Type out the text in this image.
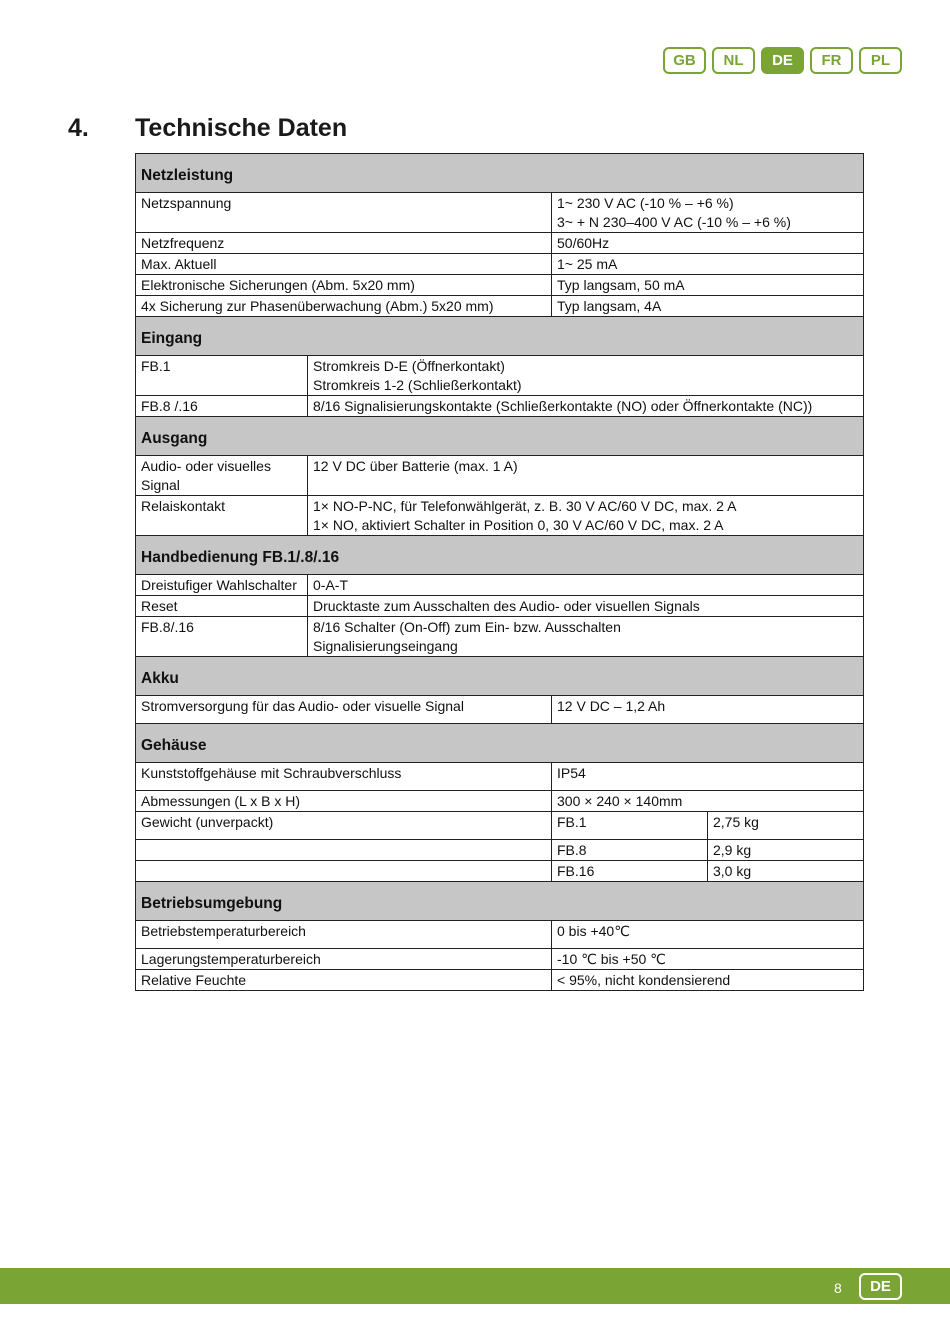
GB	NL	DE	FR	PL
4. Technische Daten
Netzleistung			
Netzspannung		1~ 230 V AC (-10 % – +6 %)
3~ + N 230–400 V AC (-10 % – +6 %)	

Netzfrequenz		50/60Hz	
Max. Aktuell		1~ 25 mA	
Elektronische Sicherungen (Abm. 5x20 mm)		Typ langsam, 50 mA	
4x Sicherung zur Phasenüberwachung (Abm.) 5x20 mm)		Typ langsam, 4A	
Eingang			
FB.1	Stromkreis D-E (Öffnerkontakt)
Stromkreis 1-2 (Schließerkontakt)		

FB.8 /.16	8/16 Signalisierungskontakte (Schließerkontakte (NO) oder Öffnerkontakte (NC))		
Ausgang			

Audio- oder visuelles
Signal	12 V DC über Batterie (max. 1 A)		
Relaiskontakt	1× NO-P-NC, für Telefonwählgerät, z. B. 30 V AC/60 V DC, max. 2 A
1× NO, aktiviert Schalter in Position 0, 30 V AC/60 V DC, max. 2 A		

Handbedienung FB.1/.8/.16			
Dreistufiger Wahlschalter	0-A-T		
Reset	Drucktaste zum Ausschalten des Audio- oder visuellen Signals		
FB.8/.16	8/16 Schalter (On-Off) zum Ein- bzw. Ausschalten
Signalisierungseingang		

Akku			
Stromversorgung für das Audio- oder visuelle Signal		12 V DC – 1,2 Ah	
Gehäuse			
Kunststoffgehäuse mit Schraubverschluss		IP54	
Abmessungen (L x B x H)		300 × 240 × 140mm	
Gewicht (unverpackt)		FB.1	2,75 kg
		FB.8	2,9 kg
		FB.16	3,0 kg
Betriebsumgebung			
Betriebstemperaturbereich		0 bis +40℃	
Lagerungstemperaturbereich		-10 ℃ bis +50 ℃	
Relative Feuchte		< 95%, nicht kondensierend	
8	DE
